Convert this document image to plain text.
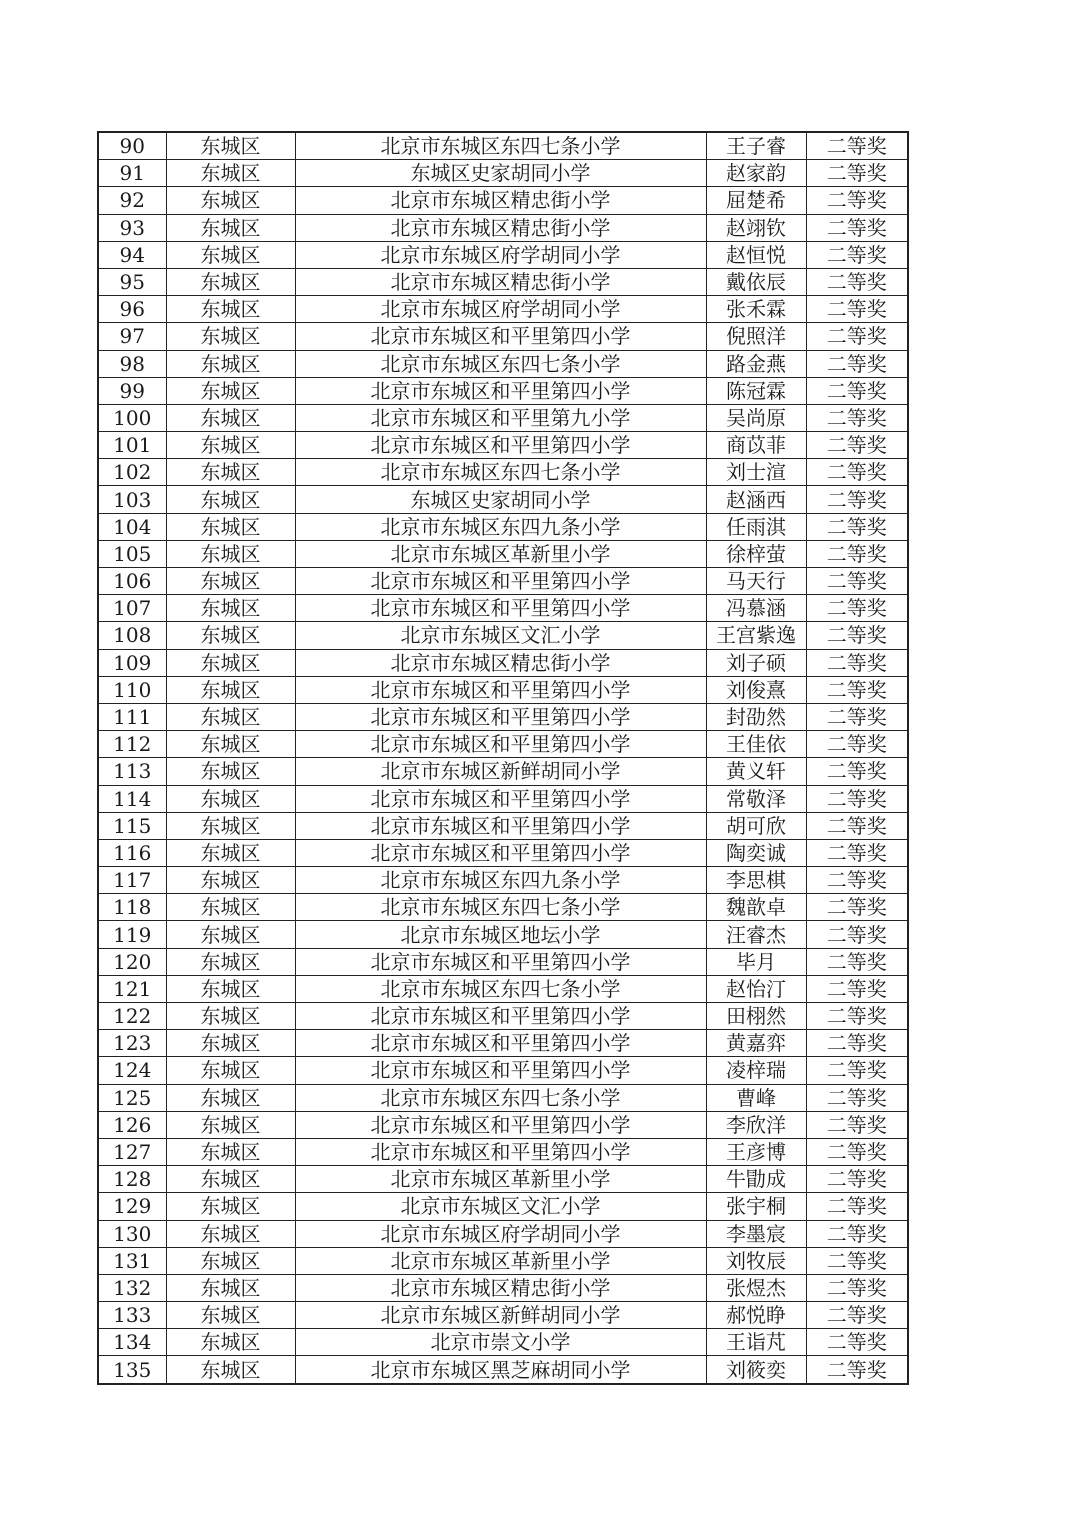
90	东城区	北京市东城区东四七条小学	王子睿	二等奖
91	东城区	东城区史家胡同小学	赵家韵	二等奖
92	东城区	北京市东城区精忠街小学	屈楚希	二等奖
93	东城区	北京市东城区精忠街小学	赵翊钦	二等奖
94	东城区	北京市东城区府学胡同小学	赵恒悦	二等奖
95	东城区	北京市东城区精忠街小学	戴依辰	二等奖
96	东城区	北京市东城区府学胡同小学	张禾霖	二等奖
97	东城区	北京市东城区和平里第四小学	倪照洋	二等奖
98	东城区	北京市东城区东四七条小学	路金燕	二等奖
99	东城区	北京市东城区和平里第四小学	陈冠霖	二等奖
100	东城区	北京市东城区和平里第九小学	吴尚原	二等奖
101	东城区	北京市东城区和平里第四小学	商苡菲	二等奖
102	东城区	北京市东城区东四七条小学	刘士渲	二等奖
103	东城区	东城区史家胡同小学	赵涵西	二等奖
104	东城区	北京市东城区东四九条小学	任雨淇	二等奖
105	东城区	北京市东城区革新里小学	徐梓萤	二等奖
106	东城区	北京市东城区和平里第四小学	马天行	二等奖
107	东城区	北京市东城区和平里第四小学	冯慕涵	二等奖
108	东城区	北京市东城区文汇小学	王宫紫逸	二等奖
109	东城区	北京市东城区精忠街小学	刘子硕	二等奖
110	东城区	北京市东城区和平里第四小学	刘俊熹	二等奖
111	东城区	北京市东城区和平里第四小学	封劭然	二等奖
112	东城区	北京市东城区和平里第四小学	王佳依	二等奖
113	东城区	北京市东城区新鲜胡同小学	黄义轩	二等奖
114	东城区	北京市东城区和平里第四小学	常敬泽	二等奖
115	东城区	北京市东城区和平里第四小学	胡可欣	二等奖
116	东城区	北京市东城区和平里第四小学	陶奕诚	二等奖
117	东城区	北京市东城区东四九条小学	李思棋	二等奖
118	东城区	北京市东城区东四七条小学	魏歆卓	二等奖
119	东城区	北京市东城区地坛小学	汪睿杰	二等奖
120	东城区	北京市东城区和平里第四小学	毕月	二等奖
121	东城区	北京市东城区东四七条小学	赵怡汀	二等奖
122	东城区	北京市东城区和平里第四小学	田栩然	二等奖
123	东城区	北京市东城区和平里第四小学	黄嘉弈	二等奖
124	东城区	北京市东城区和平里第四小学	凌梓瑞	二等奖
125	东城区	北京市东城区东四七条小学	曹峰	二等奖
126	东城区	北京市东城区和平里第四小学	李欣洋	二等奖
127	东城区	北京市东城区和平里第四小学	王彦博	二等奖
128	东城区	北京市东城区革新里小学	牛勖成	二等奖
129	东城区	北京市东城区文汇小学	张宇桐	二等奖
130	东城区	北京市东城区府学胡同小学	李墨宸	二等奖
131	东城区	北京市东城区革新里小学	刘牧辰	二等奖
132	东城区	北京市东城区精忠街小学	张煜杰	二等奖
133	东城区	北京市东城区新鲜胡同小学	郝悦睁	二等奖
134	东城区	北京市崇文小学	王诣芃	二等奖
135	东城区	北京市东城区黑芝麻胡同小学	刘筱奕	二等奖
